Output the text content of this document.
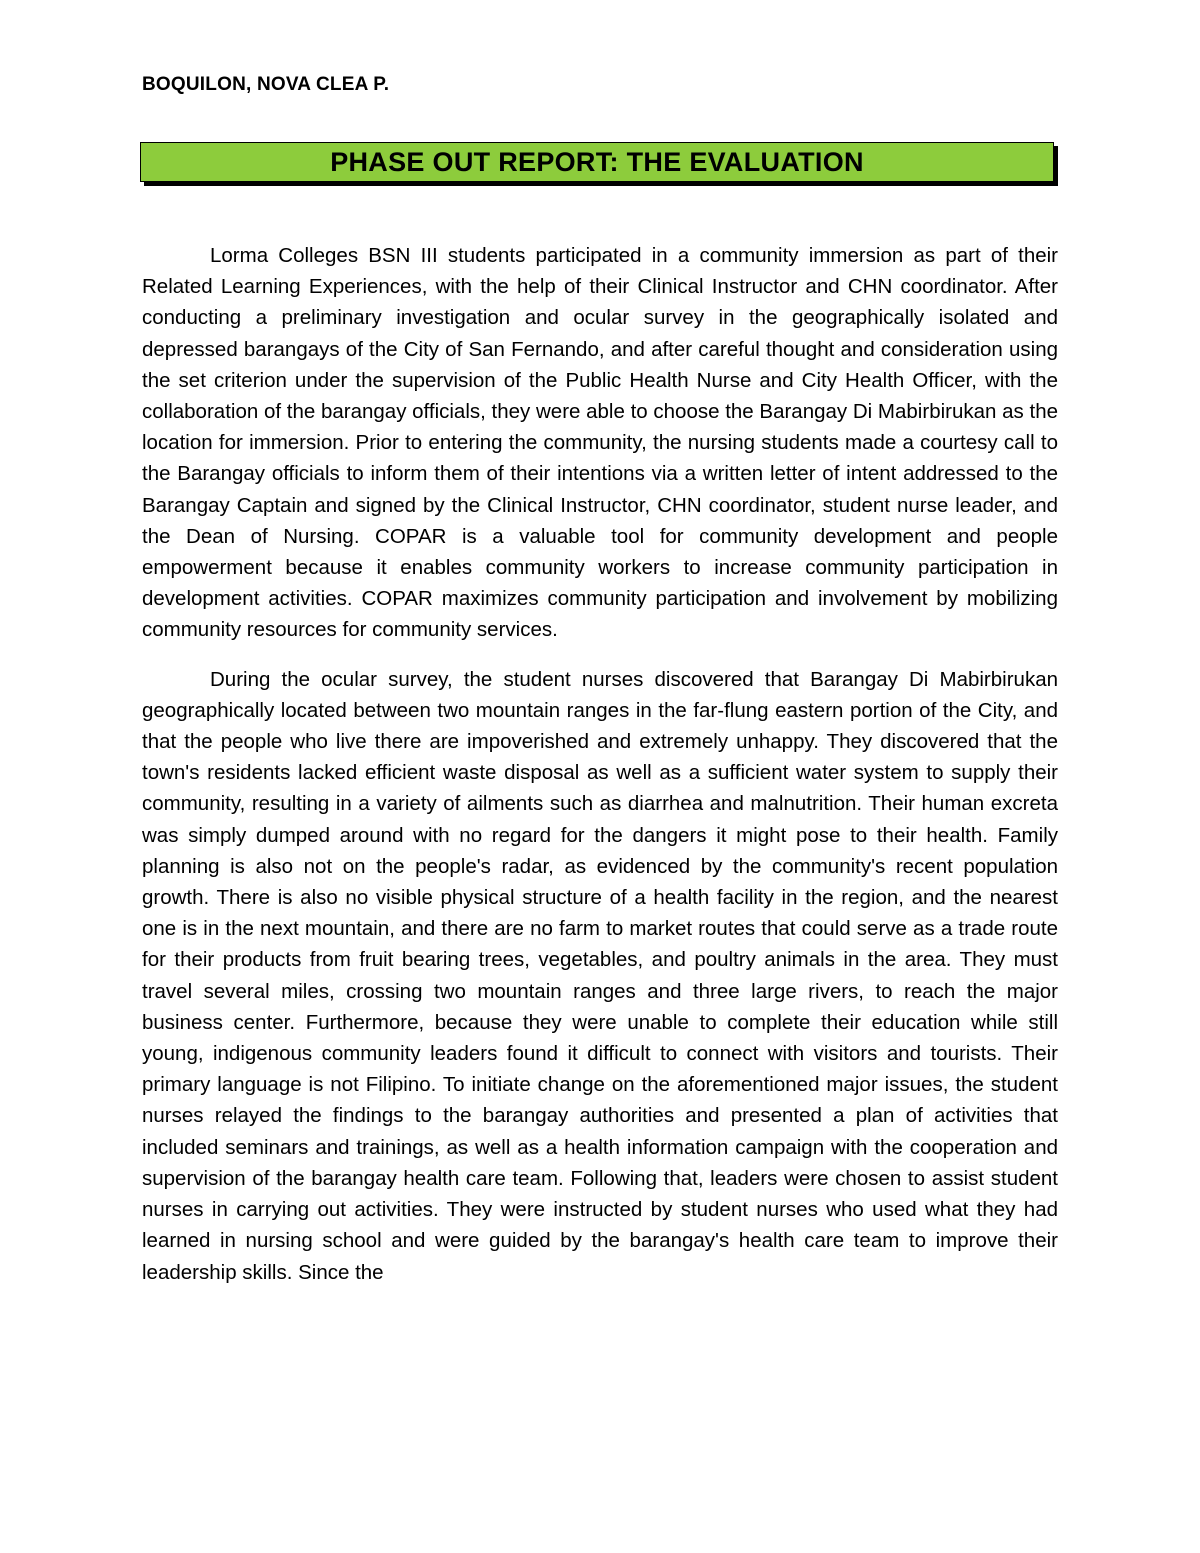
BOQUILON, NOVA CLEA P.

PHASE OUT REPORT: THE EVALUATION

Lorma Colleges BSN III students participated in a community immersion as part of their Related Learning Experiences, with the help of their Clinical Instructor and CHN coordinator. After conducting a preliminary investigation and ocular survey in the geographically isolated and depressed barangays of the City of San Fernando, and after careful thought and consideration using the set criterion under the supervision of the Public Health Nurse and City Health Officer, with the collaboration of the barangay officials, they were able to choose the Barangay Di Mabirbirukan as the location for immersion. Prior to entering the community, the nursing students made a courtesy call to the Barangay officials to inform them of their intentions via a written letter of intent addressed to the Barangay Captain and signed by the Clinical Instructor, CHN coordinator, student nurse leader, and the Dean of Nursing. COPAR is a valuable tool for community development and people empowerment because it enables community workers to increase community participation in development activities. COPAR maximizes community participation and involvement by mobilizing community resources for community services.

During the ocular survey, the student nurses discovered that Barangay Di Mabirbirukan geographically located between two mountain ranges in the far-flung eastern portion of the City, and that the people who live there are impoverished and extremely unhappy. They discovered that the town's residents lacked efficient waste disposal as well as a sufficient water system to supply their community, resulting in a variety of ailments such as diarrhea and malnutrition. Their human excreta was simply dumped around with no regard for the dangers it might pose to their health. Family planning is also not on the people's radar, as evidenced by the community's recent population growth. There is also no visible physical structure of a health facility in the region, and the nearest one is in the next mountain, and there are no farm to market routes that could serve as a trade route for their products from fruit bearing trees, vegetables, and poultry animals in the area. They must travel several miles, crossing two mountain ranges and three large rivers, to reach the major business center. Furthermore, because they were unable to complete their education while still young, indigenous community leaders found it difficult to connect with visitors and tourists. Their primary language is not Filipino. To initiate change on the aforementioned major issues, the student nurses relayed the findings to the barangay authorities and presented a plan of activities that included seminars and trainings, as well as a health information campaign with the cooperation and supervision of the barangay health care team. Following that, leaders were chosen to assist student nurses in carrying out activities. They were instructed by student nurses who used what they had learned in nursing school and were guided by the barangay's health care team to improve their leadership skills. Since the
